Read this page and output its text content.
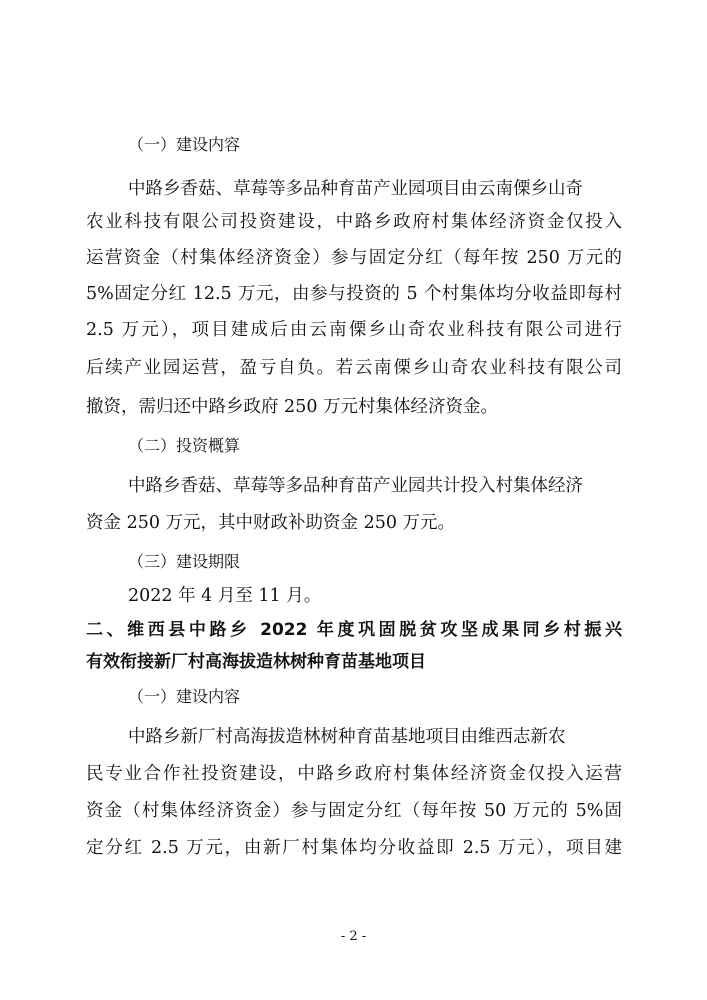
（一）建设内容
中路乡香菇、草莓等多品种育苗产业园项目由云南傈乡山奇
农业科技有限公司投资建设，中路乡政府村集体经济资金仅投入
运营资金（村集体经济资金）参与固定分红（每年按 250 万元的
5%固定分红 12.5 万元，由参与投资的 5 个村集体均分收益即每村
2.5 万元），项目建成后由云南傈乡山奇农业科技有限公司进行
后续产业园运营，盈亏自负。若云南傈乡山奇农业科技有限公司
撤资，需归还中路乡政府 250 万元村集体经济资金。
（二）投资概算
中路乡香菇、草莓等多品种育苗产业园共计投入村集体经济
资金 250 万元，其中财政补助资金 250 万元。
（三）建设期限
2022 年 4 月至 11 月。
二、维西县中路乡 2022 年度巩固脱贫攻坚成果同乡村振兴
有效衔接新厂村高海拔造林树种育苗基地项目
（一）建设内容
中路乡新厂村高海拔造林树种育苗基地项目由维西志新农
民专业合作社投资建设，中路乡政府村集体经济资金仅投入运营
资金（村集体经济资金）参与固定分红（每年按 50 万元的 5%固
定分红 2.5 万元，由新厂村集体均分收益即 2.5 万元），项目建
- 2 -
